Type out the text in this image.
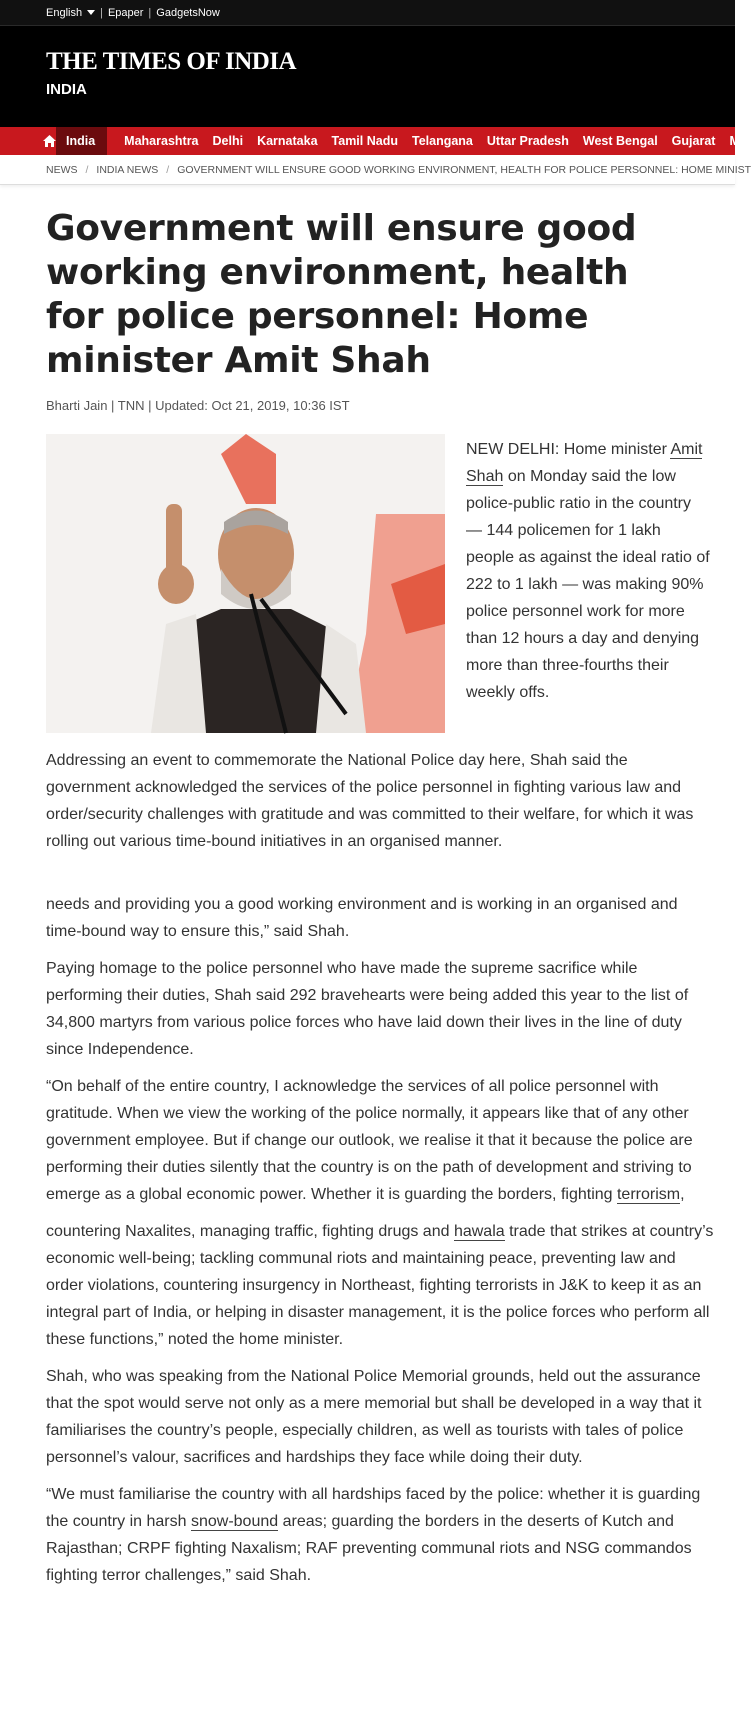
English	| Epaper | GadgetsNow
THE TIMES OF INDIA
INDIA
India	Maharashtra Delhi Karnataka Tamil Nadu Telangana Uttar Pradesh West Bengal Gujarat Mad
NEWS / INDIA NEWS / GOVERNMENT WILL ENSURE GOOD WORKING ENVIRONMENT, HEALTH FOR POLICE PERSONNEL: HOME MINIST
Government will ensure good working environment, health for police personnel: Home minister Amit Shah
Bharti Jain | TNN | Updated: Oct 21, 2019, 10:36 IST

NEW DELHI: Home minister Amit Shah on Monday said the low police-public ratio in the country — 144 policemen for 1 lakh people as against the ideal ratio of 222 to 1 lakh — was making 90% police personnel work for more than 12 hours a day and denying more than three-fourths their weekly offs.

Addressing an event to commemorate the National Police day here, Shah said the government acknowledged the services of the police personnel in fighting various law and order/security challenges with gratitude and was committed to their welfare, for which it was rolling out various time-bound initiatives in an organised manner.

needs and providing you a good working environment and is working in an organised and time-bound way to ensure this,” said Shah.

Paying homage to the police personnel who have made the supreme sacrifice while performing their duties, Shah said 292 bravehearts were being added this year to the list of 34,800 martyrs from various police forces who have laid down their lives in the line of duty since Independence.

“On behalf of the entire country, I acknowledge the services of all police personnel with gratitude. When we view the working of the police normally, it appears like that of any other government employee. But if change our outlook, we realise it that it because the police are performing their duties silently that the country is on the path of development and striving to emerge as a global economic power. Whether it is guarding the borders, fighting terrorism,

countering Naxalites, managing traffic, fighting drugs and hawala trade that strikes at country’s economic well-being; tackling communal riots and maintaining peace, preventing law and order violations, countering insurgency in Northeast, fighting terrorists in J&K to keep it as an integral part of India, or helping in disaster management, it is the police forces who perform all these functions,” noted the home minister.

Shah, who was speaking from the National Police Memorial grounds, held out the assurance that the spot would serve not only as a mere memorial but shall be developed in a way that it familiarises the country’s people, especially children, as well as tourists with tales of police personnel’s valour, sacrifices and hardships they face while doing their duty.

“We must familiarise the country with all hardships faced by the police: whether it is guarding the country in harsh snow-bound areas; guarding the borders in the deserts of Kutch and Rajasthan; CRPF fighting Naxalism; RAF preventing communal riots and NSG commandos fighting terror challenges,” said Shah.
